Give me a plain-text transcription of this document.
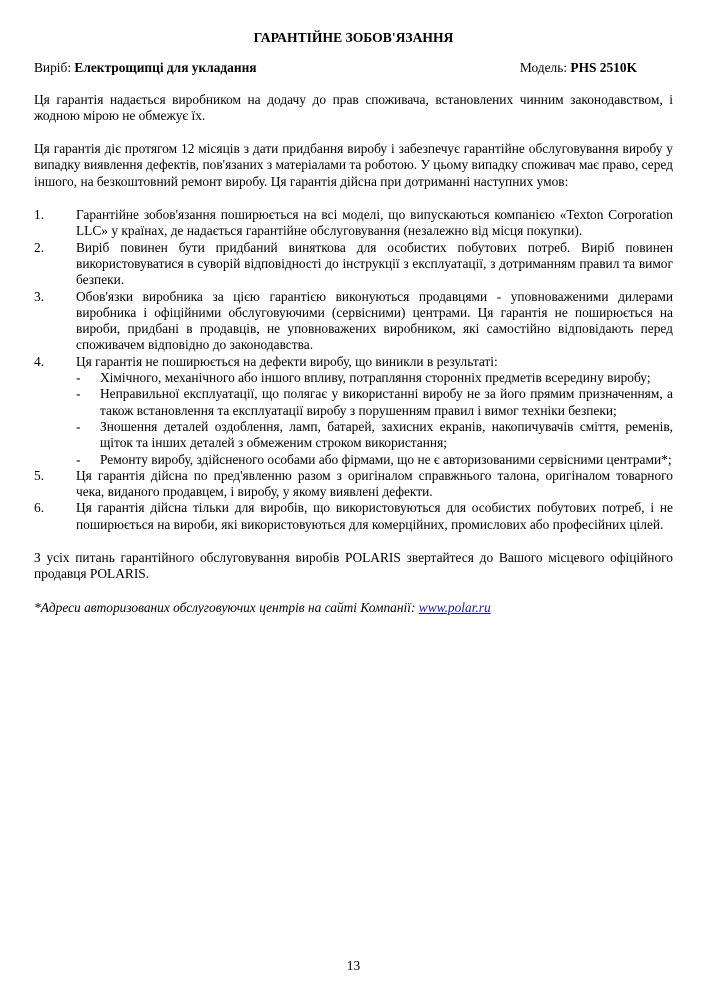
ГАРАНТІЙНЕ ЗОБОВ'ЯЗАННЯ
Виріб: Електрощипці для укладання	Модель: PHS 2510K

Ця гарантія надається виробником на додачу до прав споживача, встановлених чинним законодавством, і жодною мірою не обмежує їх.

Ця гарантія діє протягом 12 місяців з дати придбання виробу і забезпечує гарантійне обслуговування виробу у випадку виявлення дефектів, пов'язаних з матеріалами та роботою. У цьому випадку споживач має право, серед іншого, на безкоштовний ремонт виробу. Ця гарантія дійсна при дотриманні наступних умов:

1.	Гарантійне зобов'язання поширюється на всі моделі, що випускаються компанією «Texton Corporation LLC» у країнах, де надається гарантійне обслуговування (незалежно від місця покупки).
2.	Виріб повинен бути придбаний виняткова для особистих побутових потреб. Виріб повинен використовуватися в суворій відповідності до інструкції з експлуатації, з дотриманням правил та вимог безпеки.
3.	Обов'язки виробника за цією гарантією виконуються продавцями - уповноваженими дилерами виробника і офіційними обслуговуючими (сервісними) центрами. Ця гарантія не поширюється на вироби, придбані в продавців, не уповноважених виробником, які самостійно відповідають перед споживачем відповідно до законодавства.
4.	Ця гарантія не поширюється на дефекти виробу, що виникли в результаті:
-	Хімічного, механічного або іншого впливу, потрапляння сторонніх предметів всередину виробу;
-	Неправильної експлуатації, що полягає у використанні виробу не за його прямим призначенням, а також встановлення та експлуатації виробу з порушенням правил і вимог техніки безпеки;
-	Зношення деталей оздоблення, ламп, батарей, захисних екранів, накопичувачів сміття, ременів, щіток та інших деталей з обмеженим строком використання;
-	Ремонту виробу, здійсненого особами або фірмами, що не є авторизованими сервісними центрами*;
5.	Ця гарантія дійсна по пред'явленню разом з оригіналом справжнього талона, оригіналом товарного чека, виданого продавцем, і виробу, у якому виявлені дефекти.
6.	Ця гарантія дійсна тільки для виробів, що використовуються для особистих побутових потреб, і не поширюється на вироби, які використовуються для комерційних, промислових або професійних цілей.

З усіх питань гарантійного обслуговування виробів POLARIS звертайтеся до Вашого місцевого офіційного продавця POLARIS.

*Адреси авторизованих обслуговуючих центрів на сайті Компанії: www.polar.ru

13
